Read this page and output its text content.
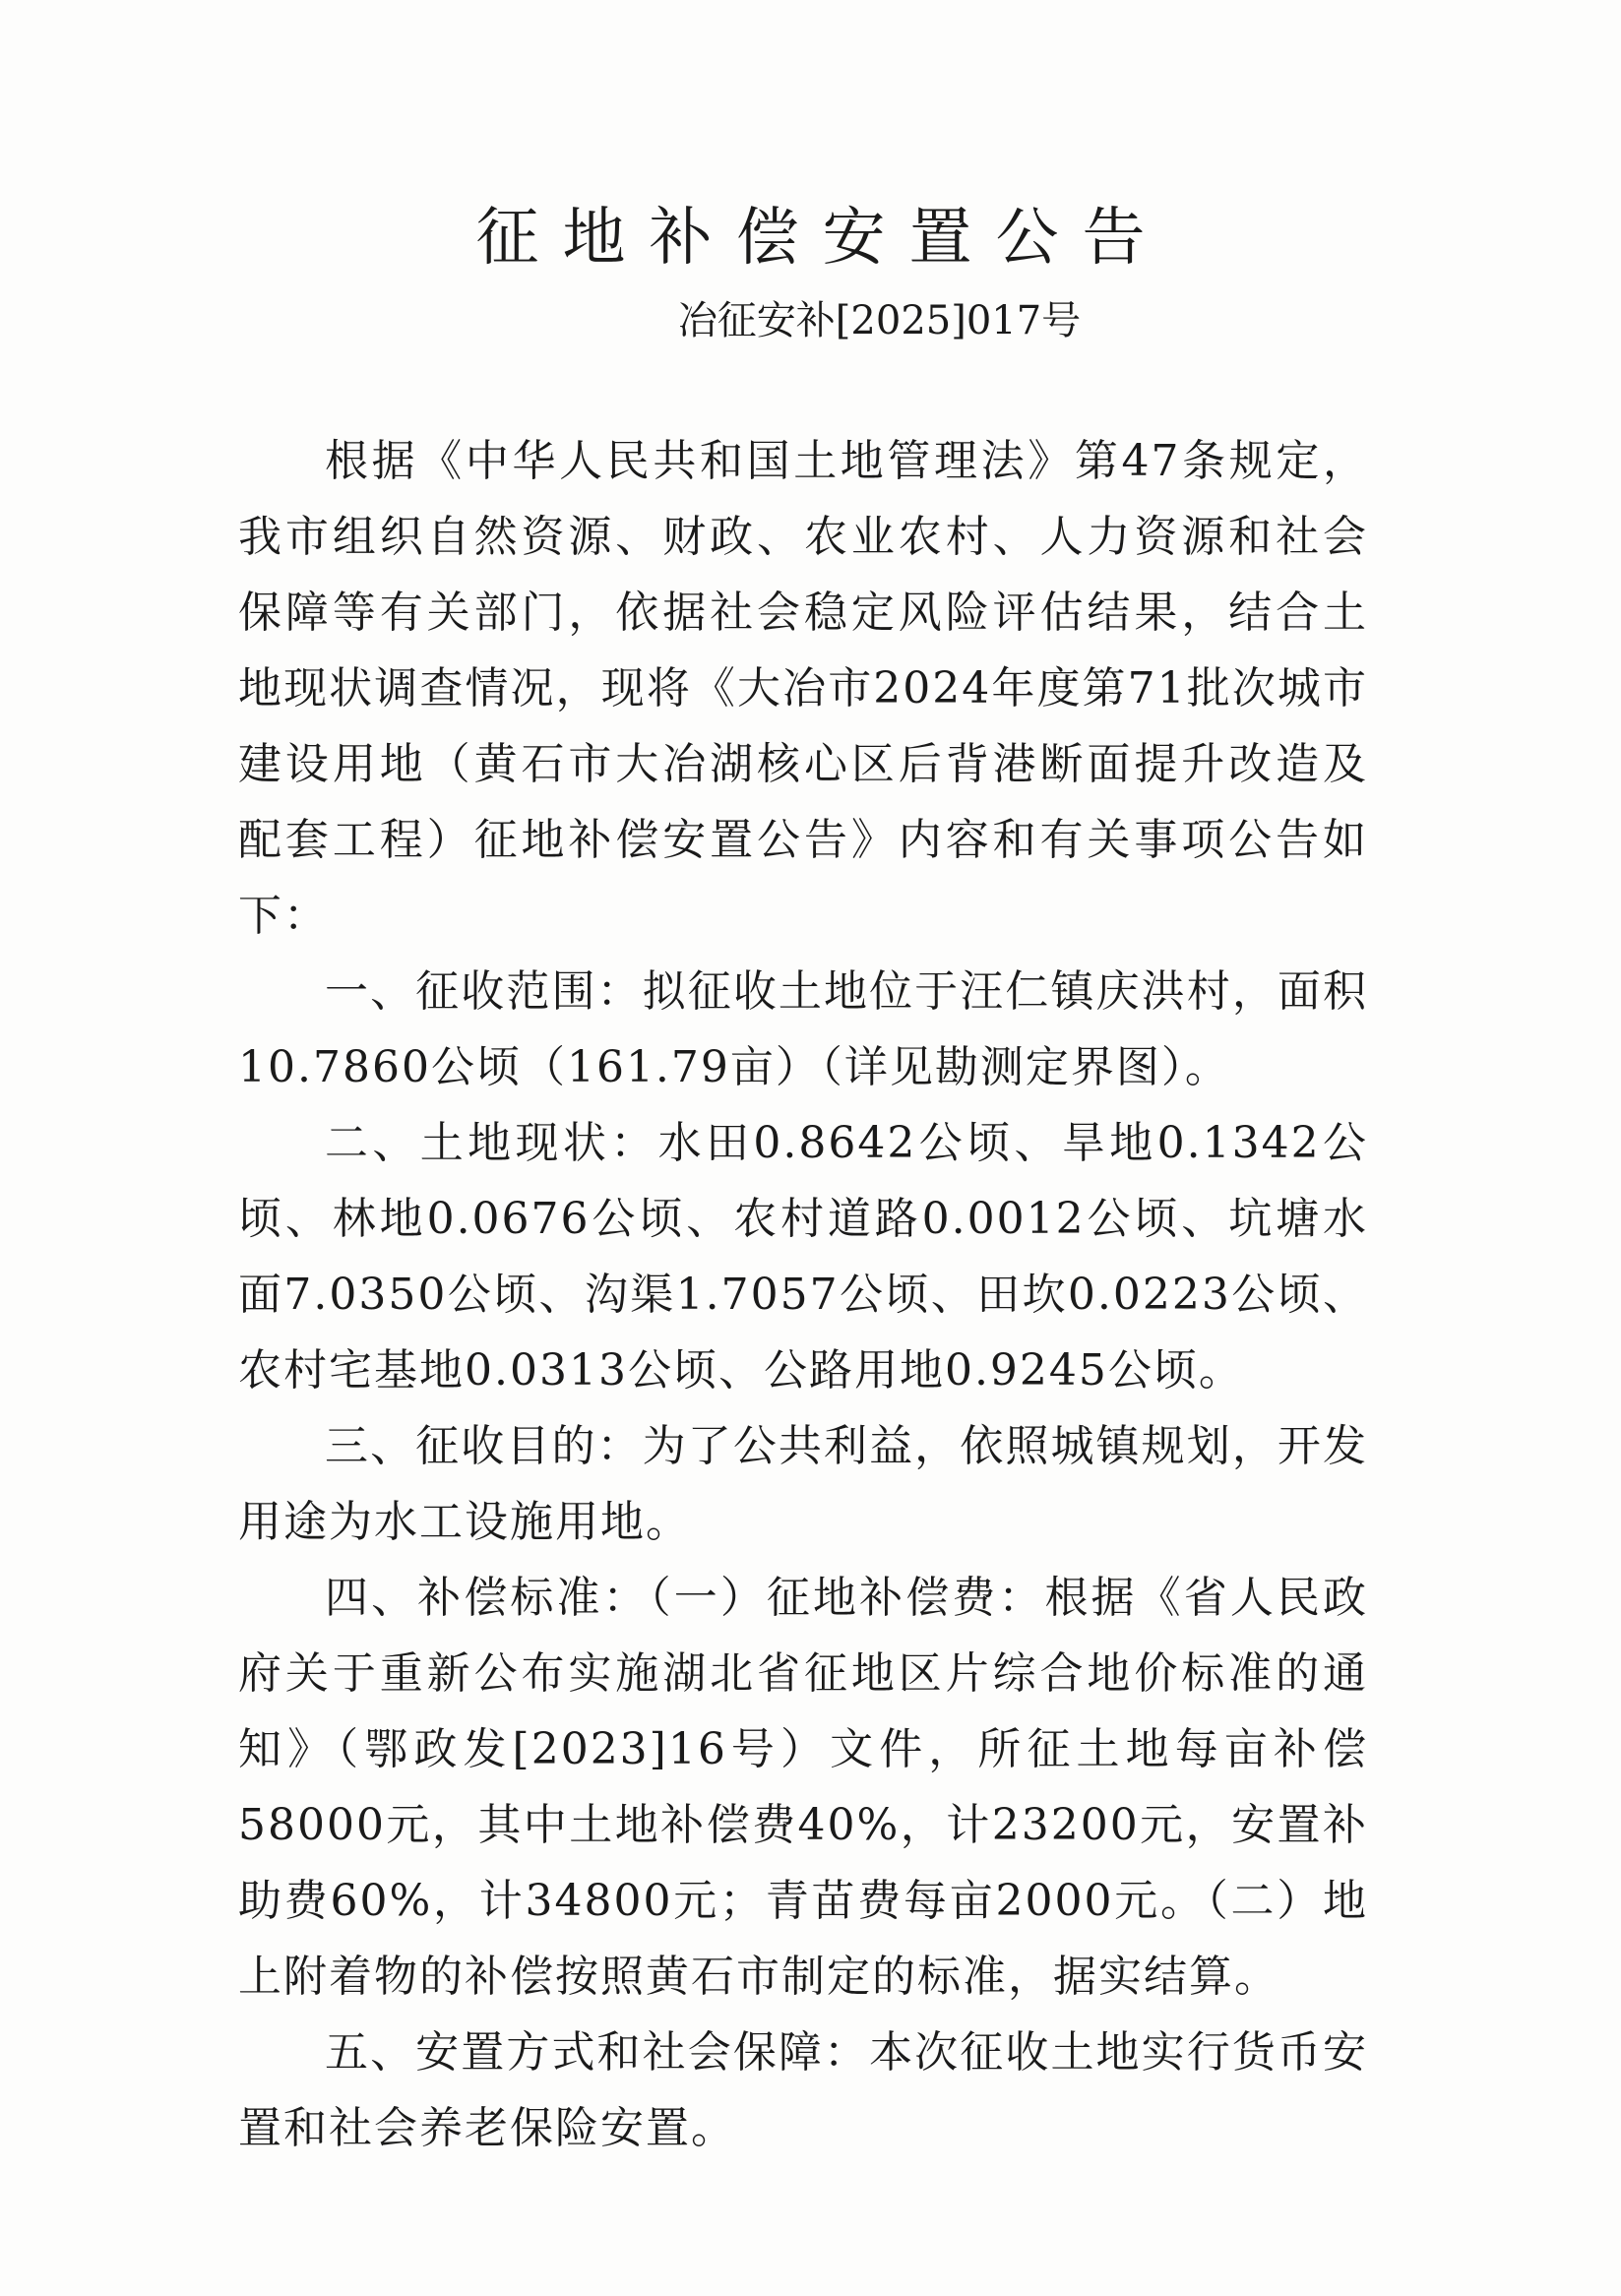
征地补偿安置公告
冶征安补[2025]017号

根据《中华人民共和国土地管理法》第47条规定，我市组织自然资源、财政、农业农村、人力资源和社会保障等有关部门，依据社会稳定风险评估结果，结合土地现状调查情况，现将《大冶市2024年度第71批次城市建设用地（黄石市大冶湖核心区后背港断面提升改造及配套工程）征地补偿安置公告》内容和有关事项公告如下：

一、征收范围：拟征收土地位于汪仁镇庆洪村，面积10.7860公顷（161.79亩）（详见勘测定界图）。

二、土地现状：水田0.8642公顷、旱地0.1342公顷、林地0.0676公顷、农村道路0.0012公顷、坑塘水面7.0350公顷、沟渠1.7057公顷、田坎0.0223公顷、农村宅基地0.0313公顷、公路用地0.9245公顷。

三、征收目的：为了公共利益，依照城镇规划，开发用途为水工设施用地。

四、补偿标准：（一）征地补偿费：根据《省人民政府关于重新公布实施湖北省征地区片综合地价标准的通知》（鄂政发[2023]16号）文件，所征土地每亩补偿58000元，其中土地补偿费40%，计23200元，安置补助费60%，计34800元；青苗费每亩2000元。（二）地上附着物的补偿按照黄石市制定的标准，据实结算。

五、安置方式和社会保障：本次征收土地实行货币安置和社会养老保险安置。
